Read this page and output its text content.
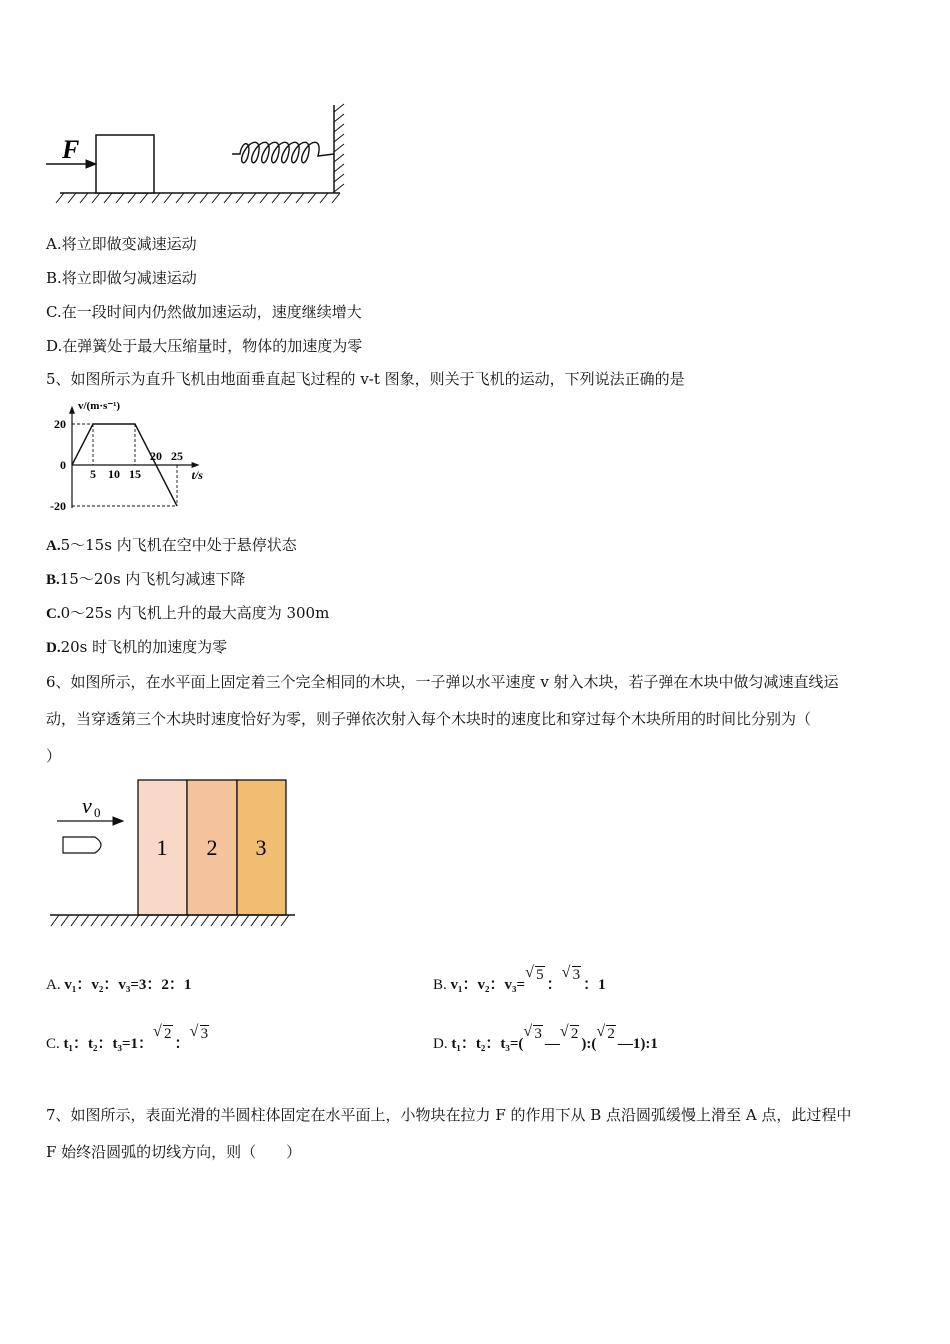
F
A.将立即做变减速运动
B.将立即做匀减速运动
C.在一段时间内仍然做加速运动，速度继续增大
D.在弹簧处于最大压缩量时，物体的加速度为零
5、如图所示为直升飞机由地面垂直起飞过程的 v-t 图象，则关于飞机的运动，下列说法正确的是
5 10 15
20 25
20
0
-20
v/(m·s⁻¹)
t/s
A.5～15s 内飞机在空中处于悬停状态
B.15～20s 内飞机匀减速下降
C.0～25s 内飞机上升的最大高度为 300m
D.20s 时飞机的加速度为零
6、如图所示，在水平面上固定着三个完全相同的木块，一子弹以水平速度 v 射入木块，若子弹在木块中做匀减速直线运
动，当穿透第三个木块时速度恰好为零，则子弹依次射入每个木块时的速度比和穿过每个木块所用的时间比分别为（
）
v 0
1 2 3
A. v₁：v₂：v₃=3：2：1	B. v₁：v₂：v₃=√ 5：√ 3：1
C. t₁：t₂：t₃=1：√ 2：√ 3
D. t₁：t₂：t₃=(√ 3—√ 2):(√ 2—1):1
7、如图所示，表面光滑的半圆柱体固定在水平面上，小物块在拉力 F 的作用下从 B 点沿圆弧缓慢上滑至 A 点，此过程中
F 始终沿圆弧的切线方向，则（　　）
